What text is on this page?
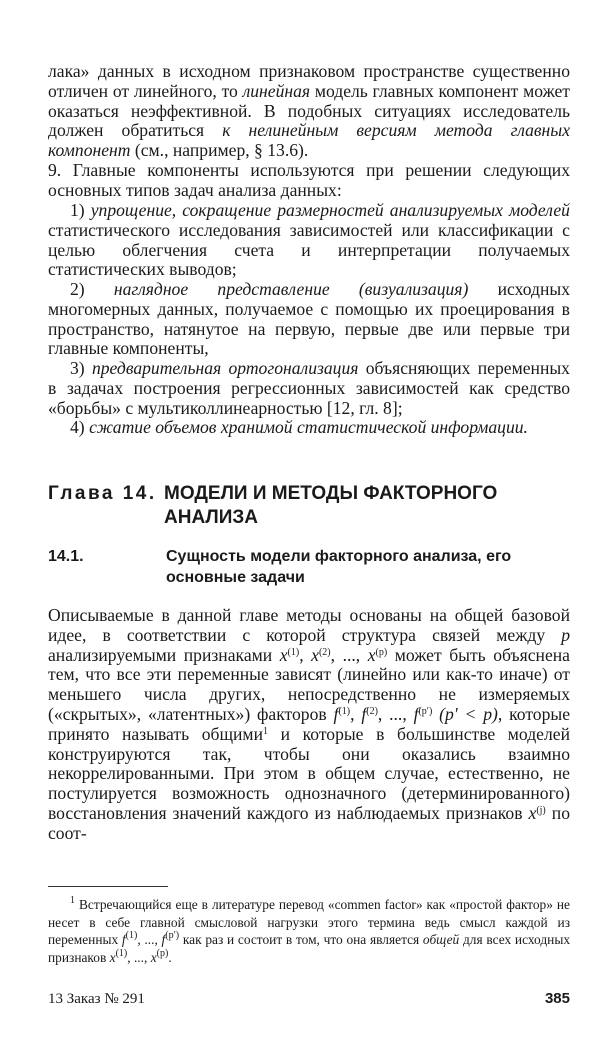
лака» данных в исходном признаковом пространстве существенно отличен от линейного, то линейная модель главных компонент может оказаться неэффективной. В подобных ситуациях исследователь должен обратиться к нелинейным версиям метода главных компонент (см., например, § 13.6).

9. Главные компоненты используются при решении следующих основных типов задач анализа данных:

1) упрощение, сокращение размерностей анализируемых моделей статистического исследования зависимостей или классификации с целью облегчения счета и интерпретации получаемых статистических выводов;

2) наглядное представление (визуализация) исходных многомерных данных, получаемое с помощью их проецирования в пространство, натянутое на первую, первые две или первые три главные компоненты,

3) предварительная ортогонализация объясняющих переменных в задачах построения регрессионных зависимостей как средство «борьбы» с мультиколлинеарностью [12, гл. 8];

4) сжатие объемов хранимой статистической информации.

Глава 14. МОДЕЛИ И МЕТОДЫ ФАКТОРНОГО
АНАЛИЗА
14.1.	Сущность модели факторного анализа, его основные задачи

Описываемые в данной главе методы основаны на общей базовой идее, в соответствии с которой структура связей между p анализируемыми признаками $x^{(1)}$, $x^{(2)}$, ..., $x^{(p)}$ может быть объяснена тем, что все эти переменные зависят (линейно или как-то иначе) от меньшего числа других, непосредственно не измеряемых («скрытых», «латентных») факторов $f^{(1)}$, $f^{(2)}$, ..., $f^{(p')}$ (p′ < p), которые принято называть общими$^1$ и которые в большинстве моделей конструируются так, чтобы они оказались взаимно некоррелированными. При этом в общем случае, естественно, не постулируется возможность однозначного (детерминированного) восстановления значений каждого из наблюдаемых признаков $x^{(j)}$ по соот-

$^1$ Встречающийся еще в литературе перевод «commen factor» как «простой фактор» не несет в себе главной смысловой нагрузки этого термина ведь смысл каждой из переменных $f^{(1)}$, ..., $f^{(p')}$ как раз и состоит в том, что она является общей для всех исходных признаков $x^{(1)}$, ..., $x^{(p)}$.

13 Заказ № 291	385
